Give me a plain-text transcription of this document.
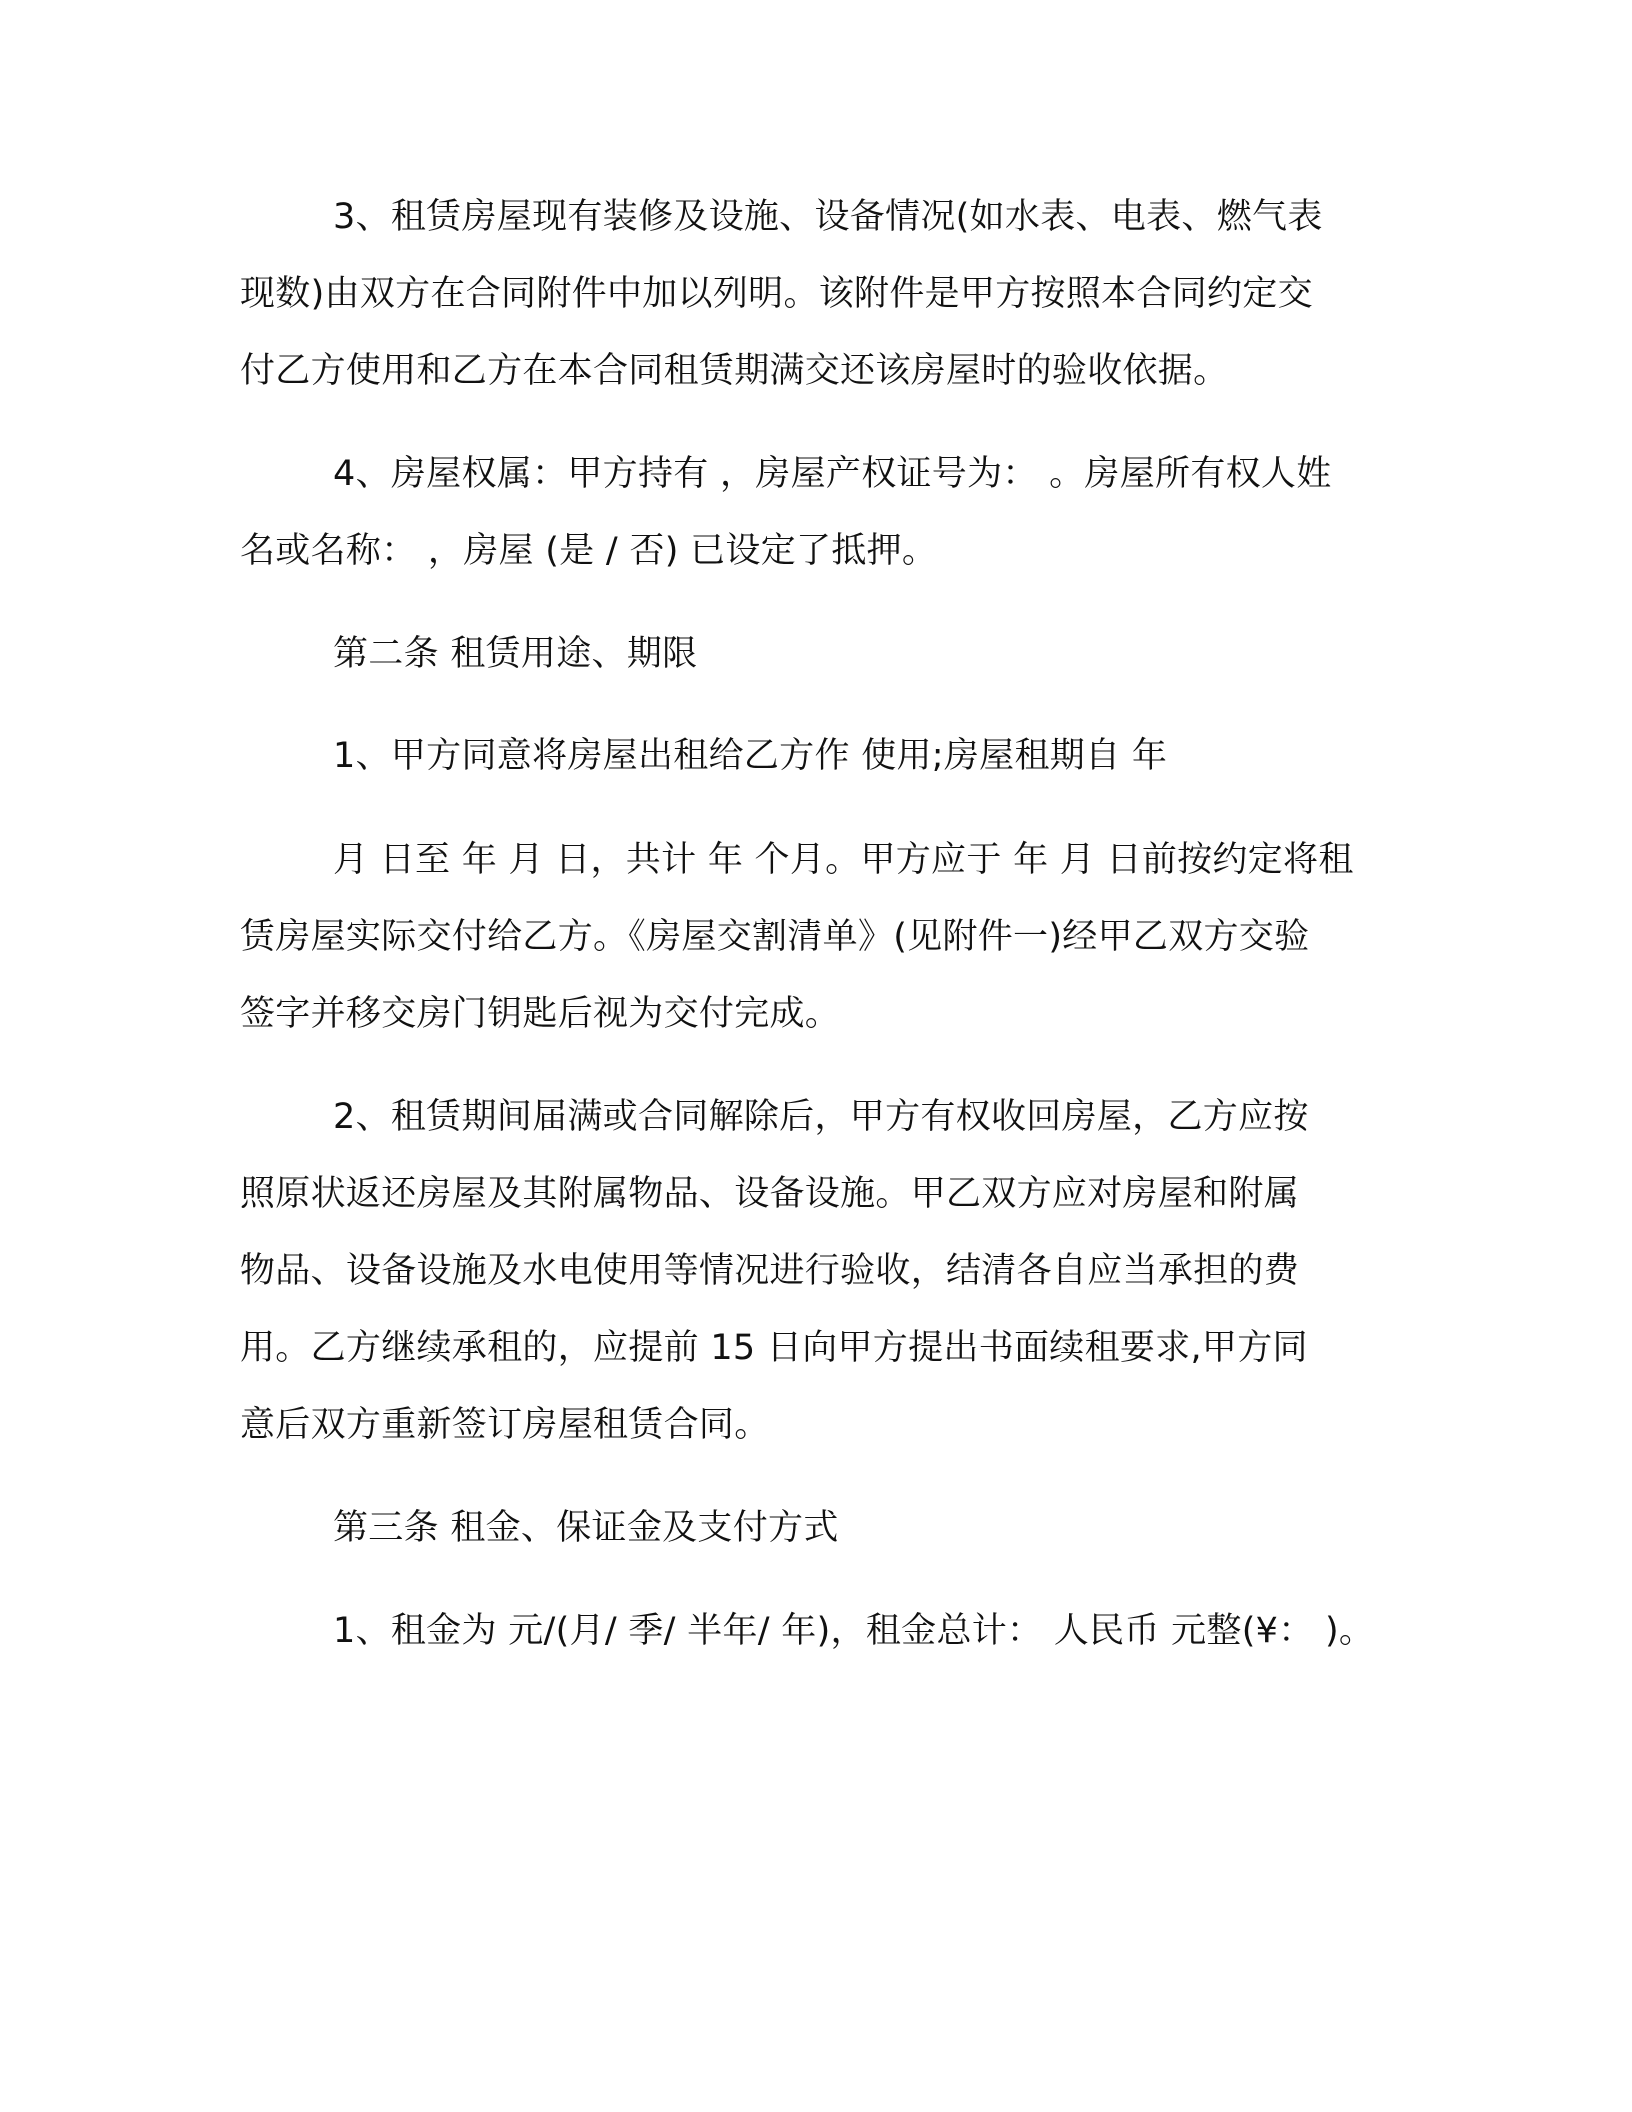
3、租赁房屋现有装修及设施、设备情况(如水表、电表、燃气表
现数)由双方在合同附件中加以列明。该附件是甲方按照本合同约定交
付乙方使用和乙方在本合同租赁期满交还该房屋时的验收依据。
4、房屋权属：甲方持有 ，房屋产权证号为： 。房屋所有权人姓
名或名称： ，房屋 (是 / 否) 已设定了抵押。
第二条 租赁用途、期限
1、甲方同意将房屋出租给乙方作 使用;房屋租期自 年
月 日至 年 月 日，共计 年 个月。甲方应于 年 月 日前按约定将租
赁房屋实际交付给乙方。《房屋交割清单》(见附件一)经甲乙双方交验
签字并移交房门钥匙后视为交付完成。
2、租赁期间届满或合同解除后，甲方有权收回房屋，乙方应按
照原状返还房屋及其附属物品、设备设施。甲乙双方应对房屋和附属
物品、设备设施及水电使用等情况进行验收，结清各自应当承担的费
用。乙方继续承租的，应提前 15 日向甲方提出书面续租要求,甲方同
意后双方重新签订房屋租赁合同。
第三条 租金、保证金及支付方式
1、租金为 元/(月/ 季/ 半年/ 年)，租金总计： 人民币 元整(¥： )。
